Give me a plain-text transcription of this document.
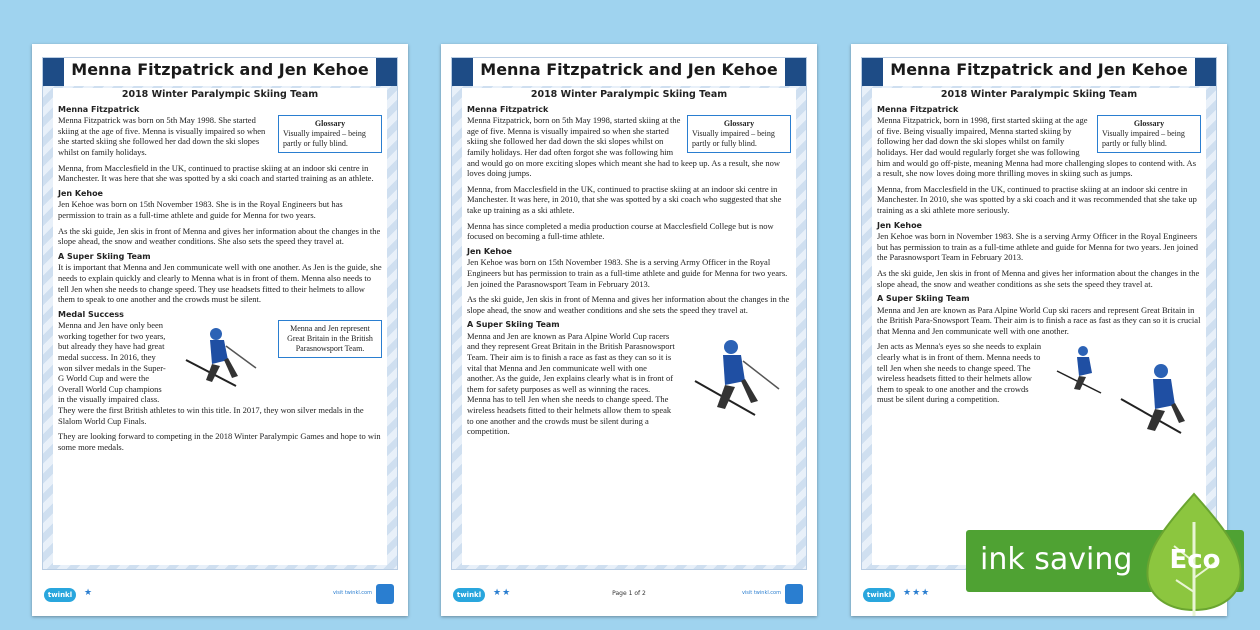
Menna Fitzpatrick and Jen Kehoe
2018 Winter Paralympic Skiing Team
Menna Fitzpatrick
Glossary
Visually impaired – being partly or fully blind.
Menna Fitzpatrick was born on 5th May 1998. She started skiing at the age of five. Menna is visually impaired so when she started skiing she followed her dad down the ski slopes whilst on family holidays.
Menna, from Macclesfield in the UK, continued to practise skiing at an indoor ski centre in Manchester. It was here that she was spotted by a ski coach and started training as an athlete.
Jen Kehoe
Jen Kehoe was born on 15th November 1983. She is in the Royal Engineers but has permission to train as a full-time athlete and guide for Menna for two years.
As the ski guide, Jen skis in front of Menna and gives her information about the changes in the slope ahead, the snow and weather conditions. She also sets the speed they travel at.
A Super Skiing Team
It is important that Menna and Jen communicate well with one another. As Jen is the guide, she needs to explain quickly and clearly to Menna what is in front of them. Menna also needs to tell Jen when she needs to change speed. They use headsets fitted to their helmets to allow them to speak to one another and the crowds must be silent.
Medal Success
Menna and Jen represent Great Britain in the British Parasnowsport Team.
Menna and Jen have only been working together for two years, but already they have had great medal success. In 2016, they won silver medals in the Super-G World Cup and were the Overall World Cup champions in the visually impaired class. They were the first British athletes to win this title. In 2017, they won silver medals in the Slalom World Cup Finals.
They are looking forward to competing in the 2018 Winter Paralympic Games and hope to win some more medals.
twinkl	★	visit twinkl.com
Menna Fitzpatrick and Jen Kehoe
2018 Winter Paralympic Skiing Team
Menna Fitzpatrick
Glossary
Visually impaired – being partly or fully blind.
Menna Fitzpatrick, born on 5th May 1998, started skiing at the age of five. Menna is visually impaired so when she started skiing she followed her dad down the ski slopes whilst on family holidays. Her dad often forgot she was following him and would go on more exciting slopes which meant she had to keep up. As a result, she now loves doing jumps.
Menna, from Macclesfield in the UK, continued to practise skiing at an indoor ski centre in Manchester. It was here, in 2010, that she was spotted by a ski coach who suggested that she take up training as a ski athlete.
Menna has since completed a media production course at Macclesfield College but is now focused on becoming a full-time athlete.
Jen Kehoe
Jen Kehoe was born on 15th November 1983. She is a serving Army Officer in the Royal Engineers but has permission to train as a full-time athlete and guide for Menna for two years. Jen joined the Parasnowsport Team in February 2013.
As the ski guide, Jen skis in front of Menna and gives her information about the changes in the slope ahead, the snow and weather conditions and she sets the speed they travel at.
A Super Skiing Team
Menna and Jen are known as Para Alpine World Cup racers and they represent Great Britain in the British Parasnowsport Team. Their aim is to finish a race as fast as they can so it is vital that Menna and Jen communicate well with one another. As the guide, Jen explains clearly what is in front of them for safety purposes as well as winning the races. Menna has to tell Jen when she needs to change speed. The wireless headsets fitted to their helmets allow them to speak to one another and the crowds must be silent during a competition.
twinkl	★★	Page 1 of 2	visit twinkl.com
Menna Fitzpatrick and Jen Kehoe
2018 Winter Paralympic Skiing Team
Menna Fitzpatrick
Glossary
Visually impaired – being partly or fully blind.
Menna Fitzpatrick, born in 1998, first started skiing at the age of five. Being visually impaired, Menna started skiing by following her dad down the ski slopes whilst on family holidays. Her dad would regularly forget she was following him and would go off-piste, meaning Menna had more challenging slopes to contend with. As a result, she now loves doing more thrilling moves in skiing such as jumps.
Menna, from Macclesfield in the UK, continued to practise skiing at an indoor ski centre in Manchester. In 2010, she was spotted by a ski coach and it was recommended that she take up training as a ski athlete more seriously.
Jen Kehoe
Jen Kehoe was born in November 1983. She is a serving Army Officer in the Royal Engineers but has permission to train as a full-time athlete and guide for Menna for two years. Jen joined the Parasnowsport Team in February 2013.
As the ski guide, Jen skis in front of Menna and gives her information about the changes in the slope ahead, the snow and weather conditions as she sets the speed they travel at.
A Super Skiing Team
Menna and Jen are known as Para Alpine World Cup ski racers and represent Great Britain in the British Para-Snowsport Team. Their aim is to finish a race as fast as they can so it is crucial that Menna and Jen communicate well with one another.
Jen acts as Menna's eyes so she needs to explain clearly what is in front of them. Menna needs to tell Jen when she needs to change speed. The wireless headsets fitted to their helmets allow them to speak to one another and the crowds must be silent during a competition.
twinkl	★★★
ink saving	Eco
